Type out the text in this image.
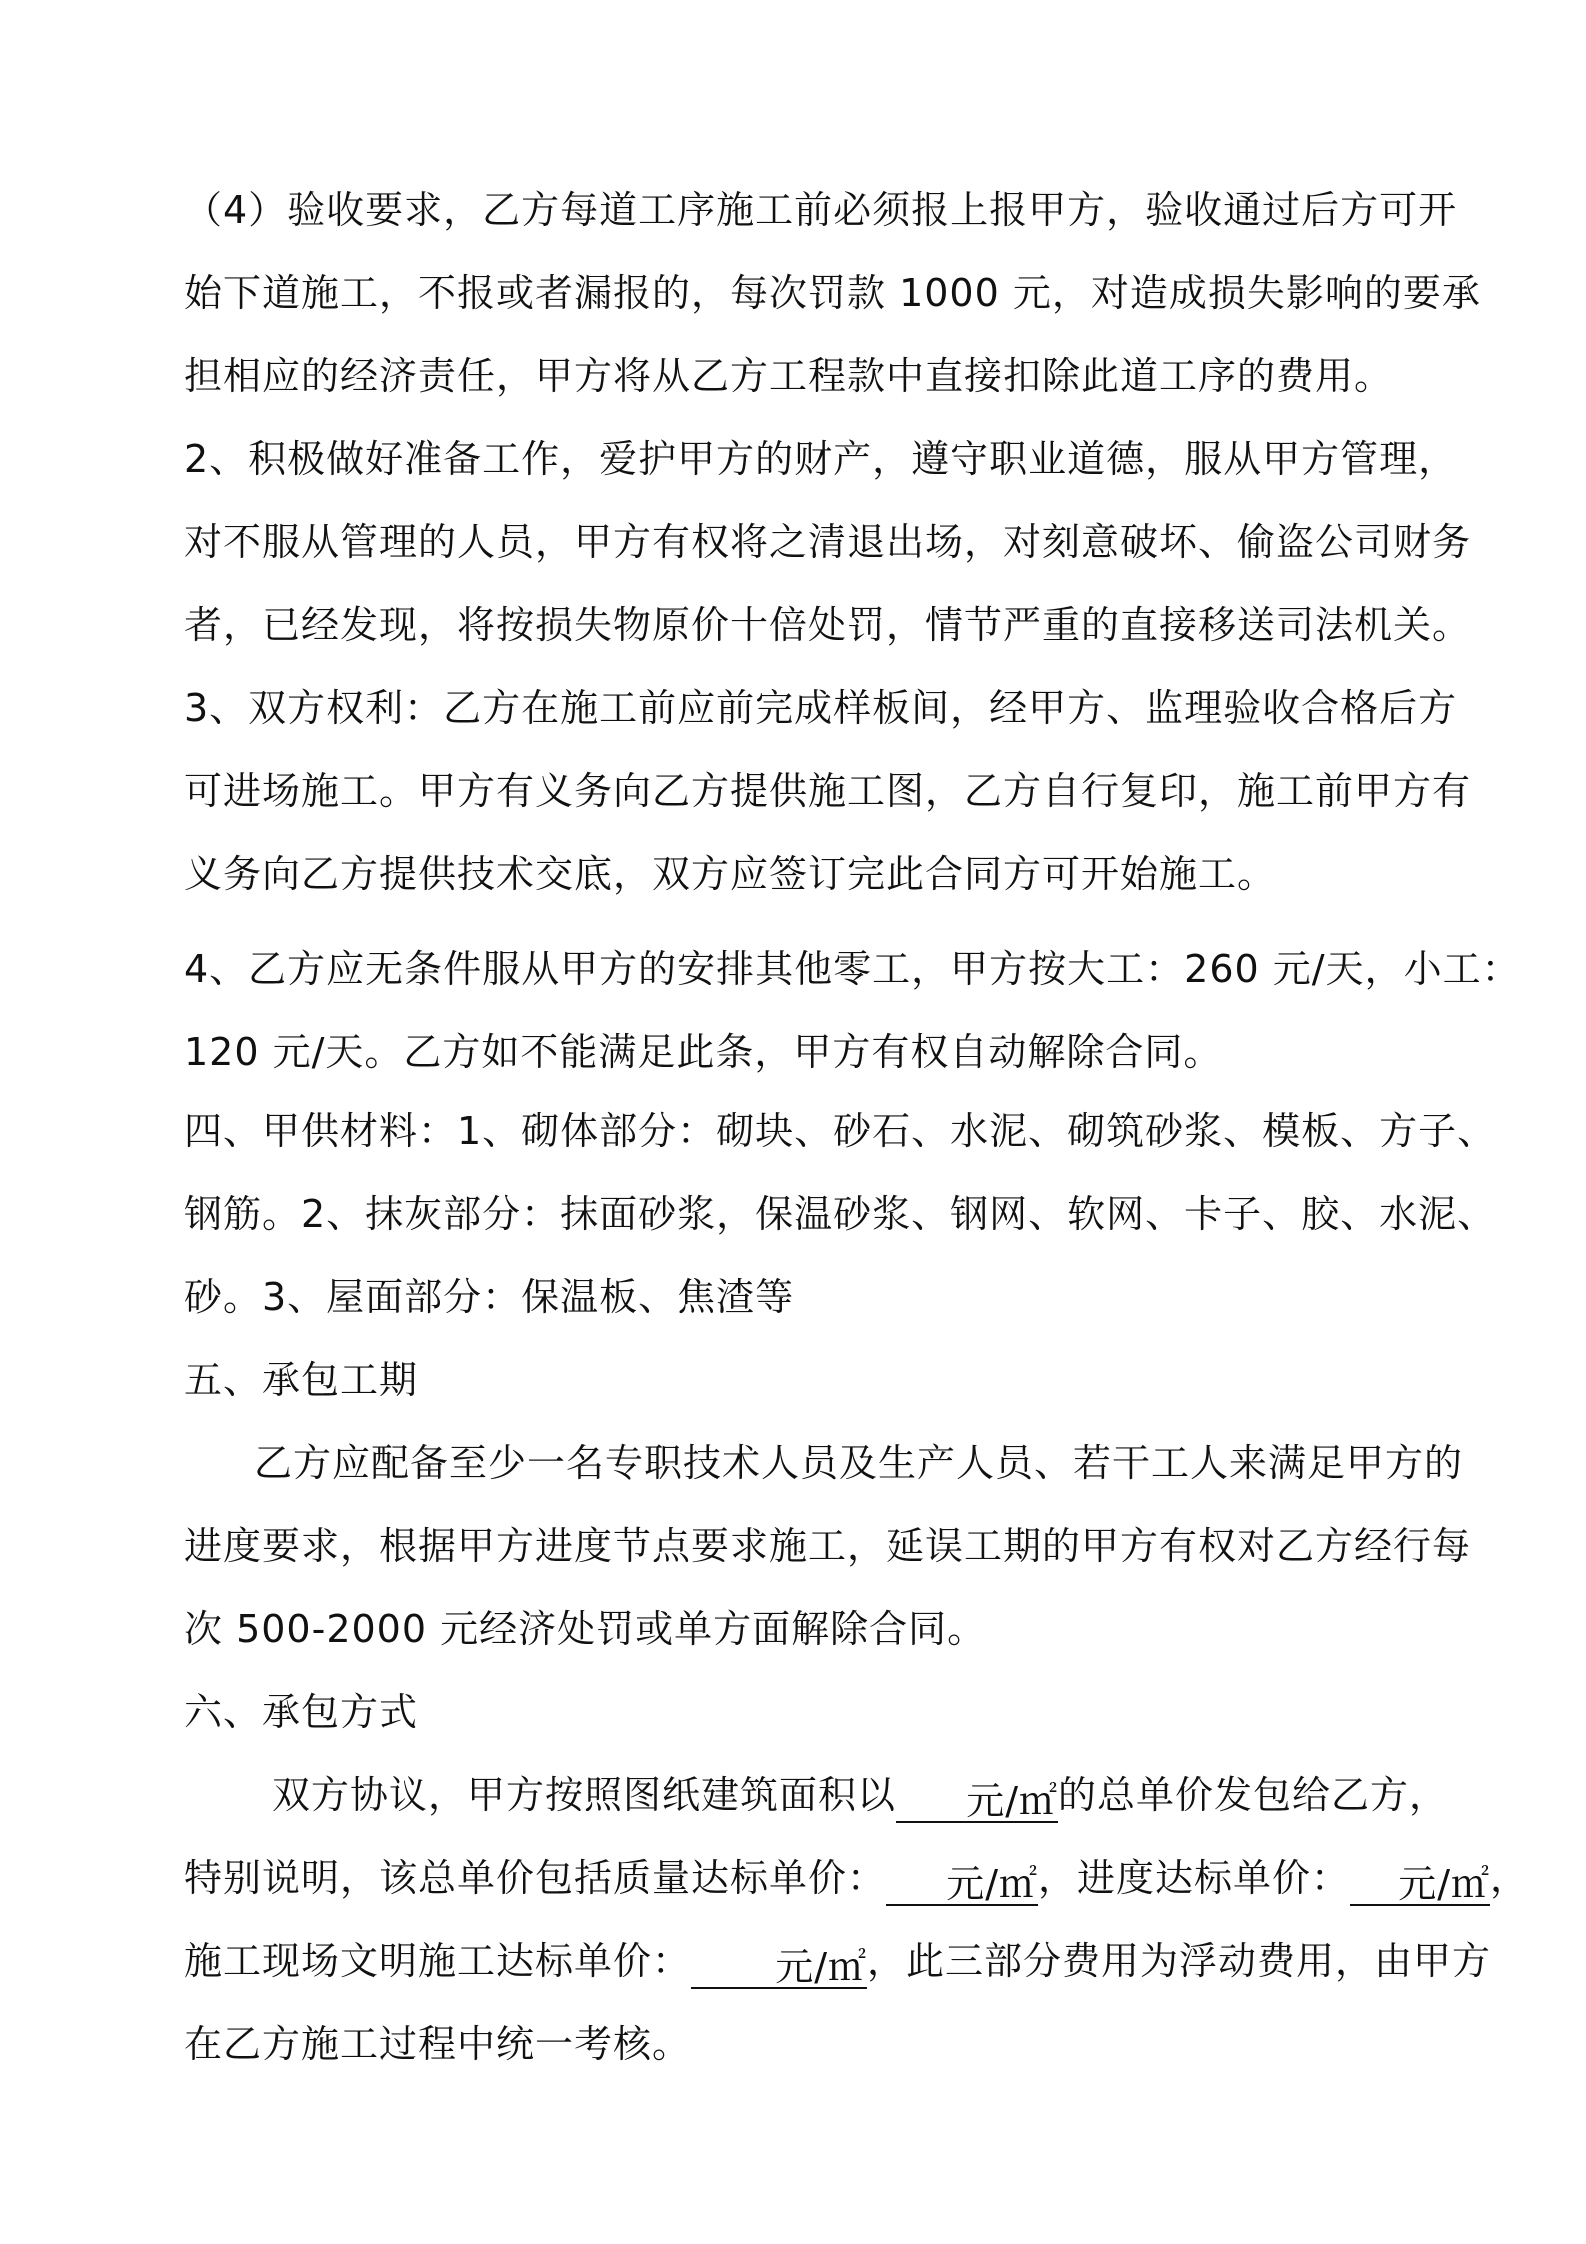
（4）验收要求，乙方每道工序施工前必须报上报甲方，验收通过后方可开
始下道施工，不报或者漏报的，每次罚款 1000 元，对造成损失影响的要承
担相应的经济责任，甲方将从乙方工程款中直接扣除此道工序的费用。
2、积极做好准备工作，爱护甲方的财产，遵守职业道德，服从甲方管理，
对不服从管理的人员，甲方有权将之清退出场，对刻意破坏、偷盗公司财务
者，已经发现，将按损失物原价十倍处罚，情节严重的直接移送司法机关。
3、双方权利：乙方在施工前应前完成样板间，经甲方、监理验收合格后方
可进场施工。甲方有义务向乙方提供施工图，乙方自行复印，施工前甲方有
义务向乙方提供技术交底，双方应签订完此合同方可开始施工。
4、乙方应无条件服从甲方的安排其他零工，甲方按大工：260 元/天，小工：
120 元/天。乙方如不能满足此条，甲方有权自动解除合同。
四、甲供材料：1、砌体部分：砌块、砂石、水泥、砌筑砂浆、模板、方子、
钢筋。2、抹灰部分：抹面砂浆，保温砂浆、钢网、软网、卡子、胶、水泥、
砂。3、屋面部分：保温板、焦渣等
五、承包工期
乙方应配备至少一名专职技术人员及生产人员、若干工人来满足甲方的
进度要求，根据甲方进度节点要求施工，延误工期的甲方有权对乙方经行每
次 500-2000 元经济处罚或单方面解除合同。
六、承包方式
双方协议，甲方按照图纸建筑面积以 元/㎡的总单价发包给乙方，
特别说明，该总单价包括质量达标单价： 元/㎡，进度达标单价： 元/㎡，
施工现场文明施工达标单价： 元/㎡，此三部分费用为浮动费用，由甲方
在乙方施工过程中统一考核。
